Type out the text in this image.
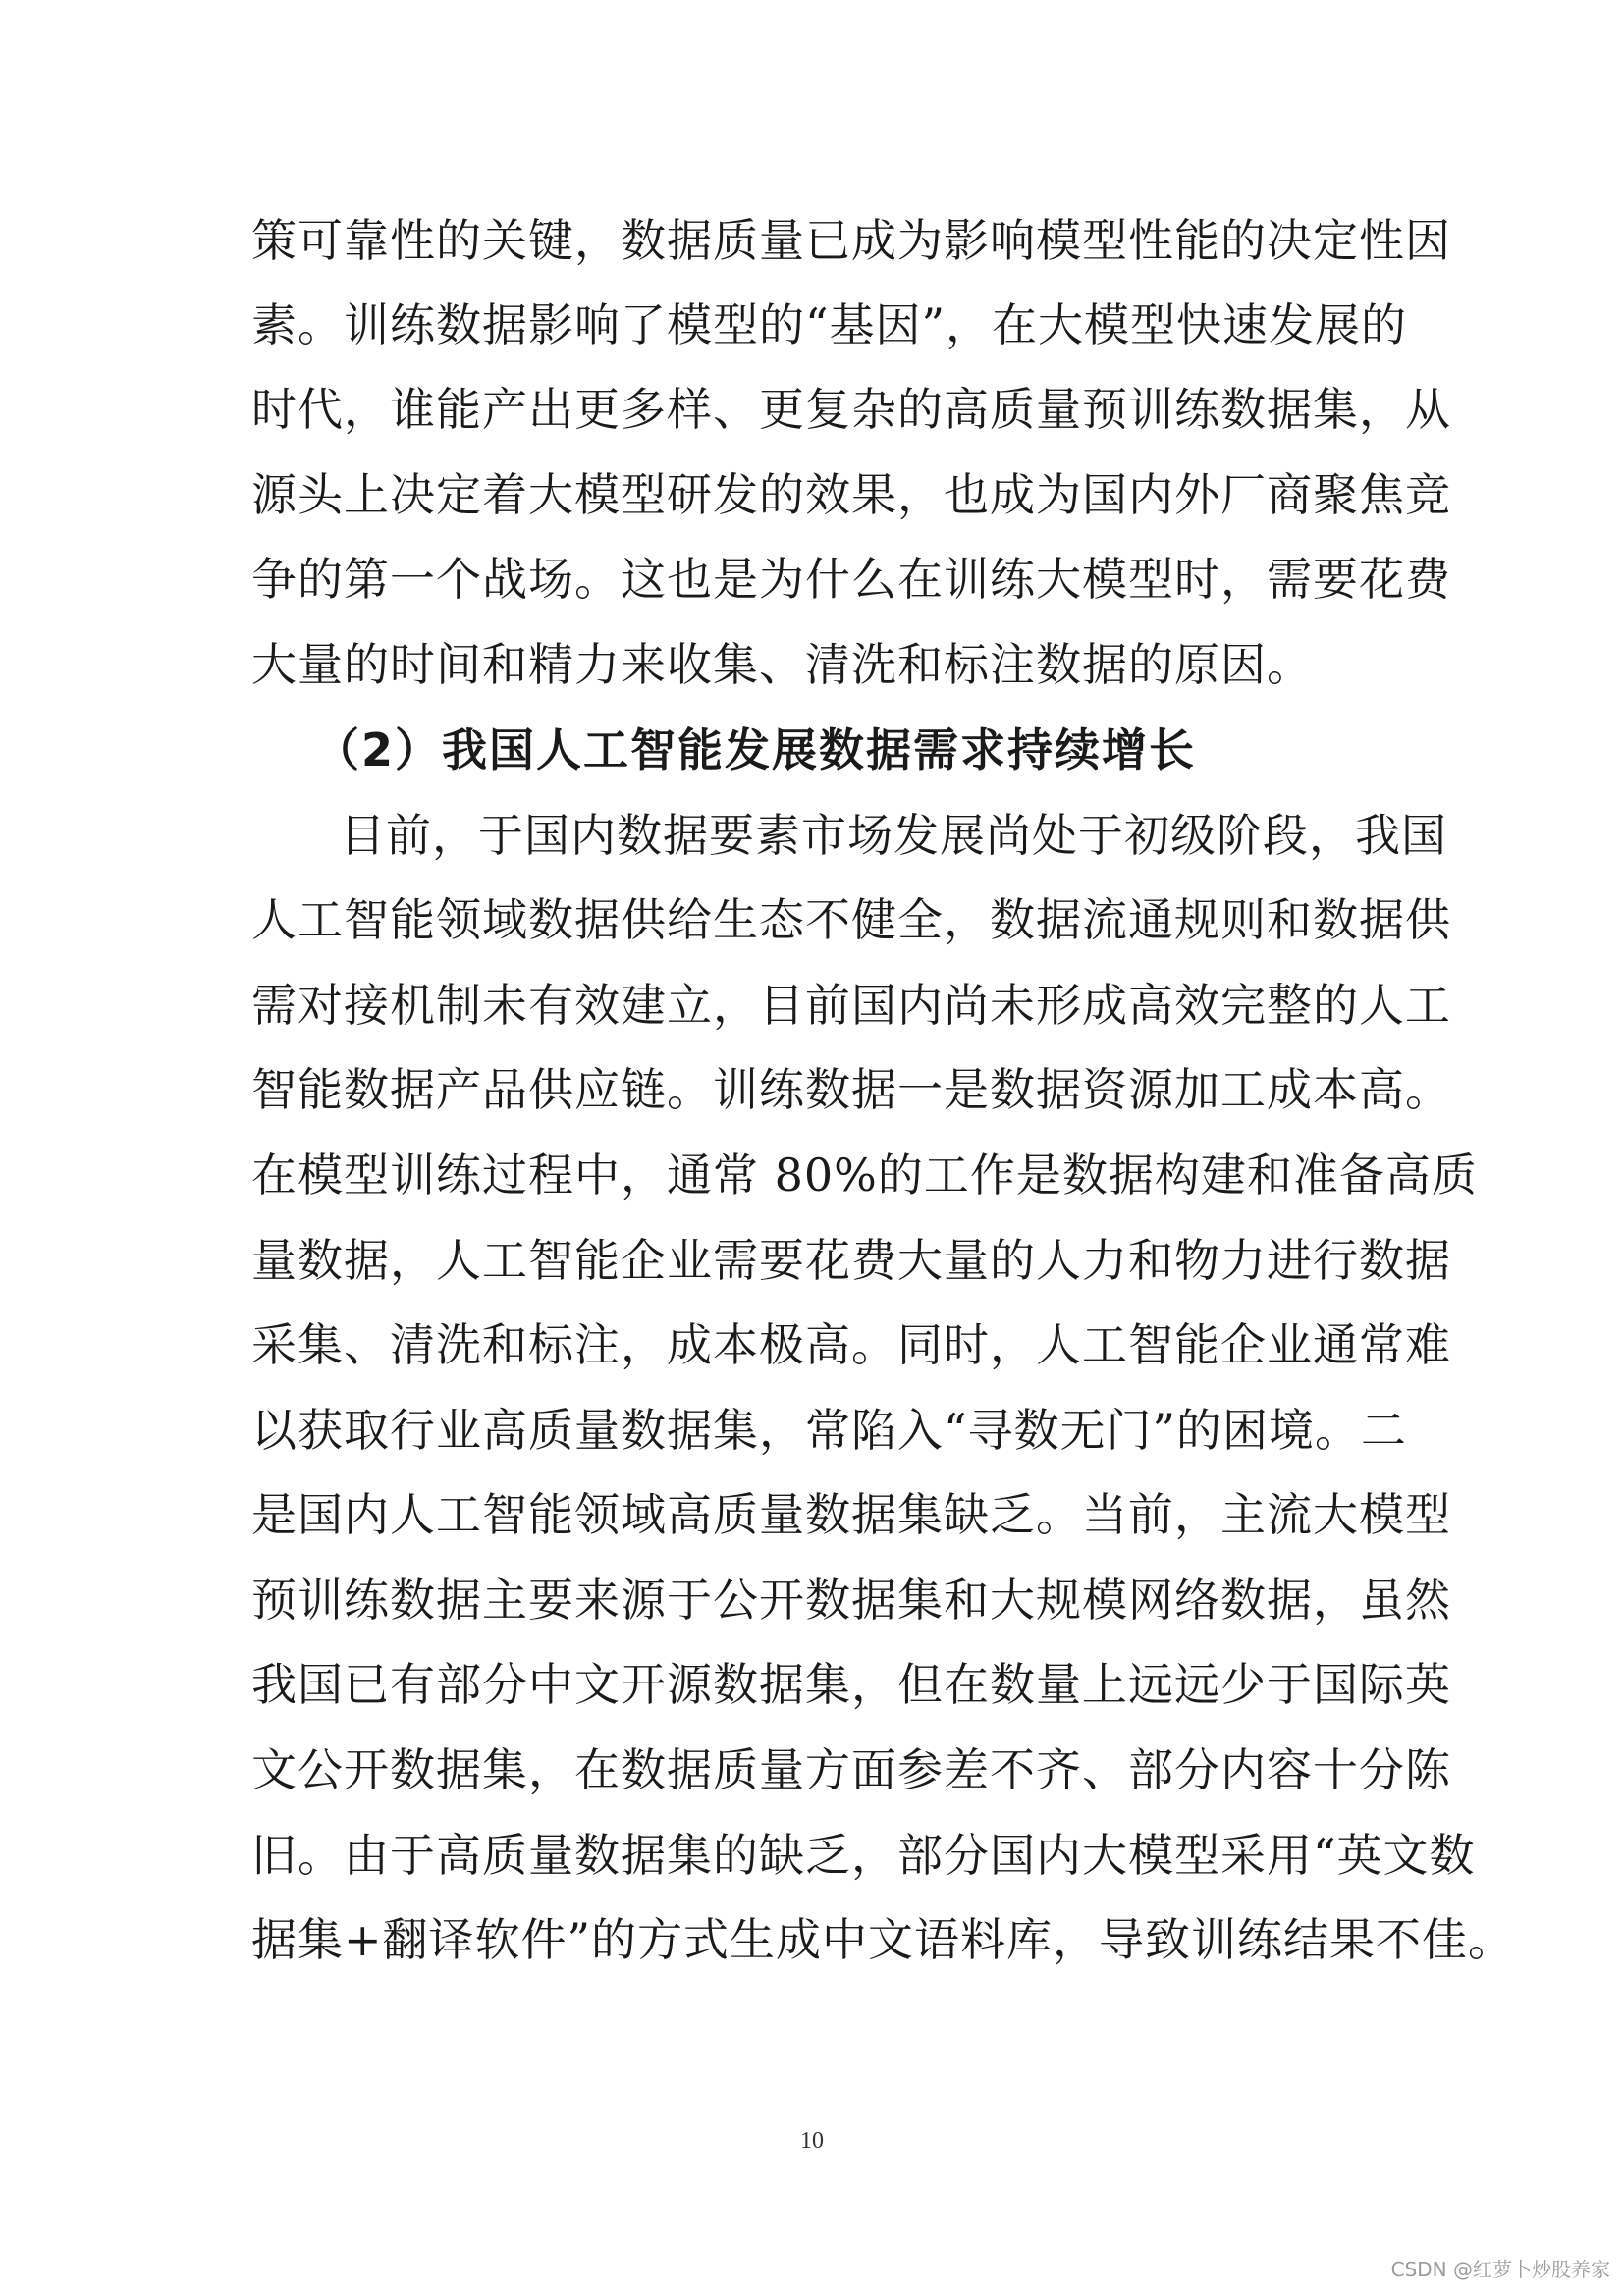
策可靠性的关键，数据质量已成为影响模型性能的决定性因
素。训练数据影响了模型的“基因”，在大模型快速发展的
时代，谁能产出更多样、更复杂的高质量预训练数据集，从
源头上决定着大模型研发的效果，也成为国内外厂商聚焦竞
争的第一个战场。这也是为什么在训练大模型时，需要花费
大量的时间和精力来收集、清洗和标注数据的原因。
（2）我国人工智能发展数据需求持续增长
目前，于国内数据要素市场发展尚处于初级阶段，我国
人工智能领域数据供给生态不健全，数据流通规则和数据供
需对接机制未有效建立，目前国内尚未形成高效完整的人工
智能数据产品供应链。训练数据一是数据资源加工成本高。
在模型训练过程中，通常 80%的工作是数据构建和准备高质
量数据，人工智能企业需要花费大量的人力和物力进行数据
采集、清洗和标注，成本极高。同时，人工智能企业通常难
以获取行业高质量数据集，常陷入“寻数无门”的困境。二
是国内人工智能领域高质量数据集缺乏。当前，主流大模型
预训练数据主要来源于公开数据集和大规模网络数据，虽然
我国已有部分中文开源数据集，但在数量上远远少于国际英
文公开数据集，在数据质量方面参差不齐、部分内容十分陈
旧。由于高质量数据集的缺乏，部分国内大模型采用“英文数
据集+翻译软件”的方式生成中文语料库，导致训练结果不佳。
10
CSDN @红萝卜炒股养家
